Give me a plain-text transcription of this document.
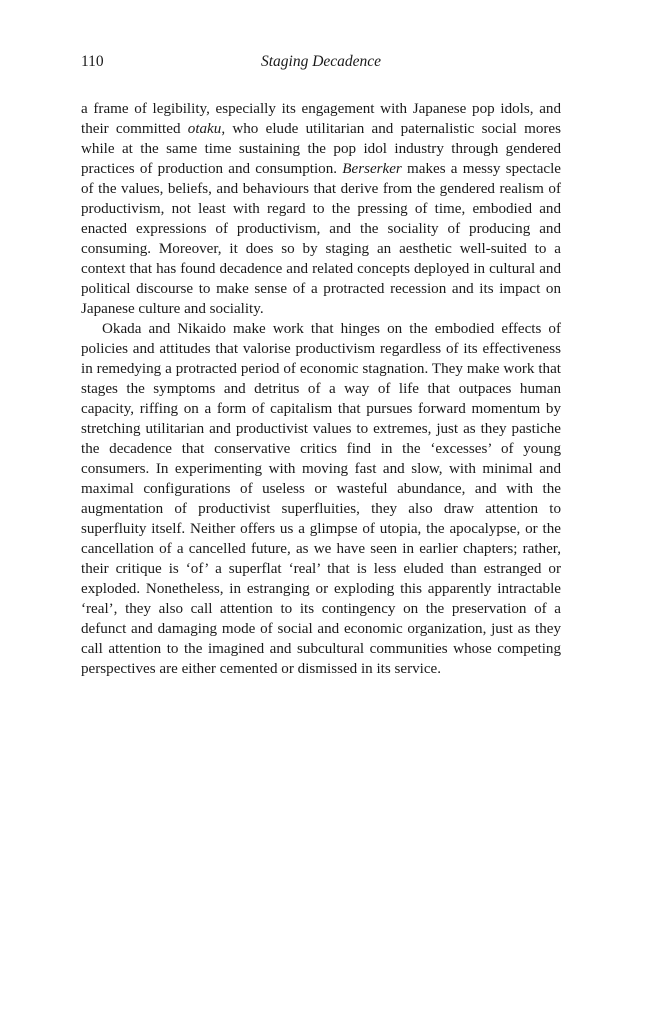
110	Staging Decadence

a frame of legibility, especially its engagement with Japanese pop idols, and their committed otaku, who elude utilitarian and paternalistic social mores while at the same time sustaining the pop idol industry through gendered practices of production and consumption. Berserker makes a messy spectacle of the values, beliefs, and behaviours that derive from the gendered realism of productivism, not least with regard to the pressing of time, embodied and enacted expressions of productivism, and the sociality of producing and consuming. Moreover, it does so by staging an aesthetic well-suited to a context that has found decadence and related concepts deployed in cultural and political discourse to make sense of a protracted recession and its impact on Japanese culture and sociality.

Okada and Nikaido make work that hinges on the embodied effects of policies and attitudes that valorise productivism regardless of its effectiveness in remedying a protracted period of economic stagnation. They make work that stages the symptoms and detritus of a way of life that outpaces human capacity, riffing on a form of capitalism that pursues forward momentum by stretching utilitarian and productivist values to extremes, just as they pastiche the decadence that conservative critics find in the ‘excesses’ of young consumers. In experimenting with moving fast and slow, with minimal and maximal configurations of useless or wasteful abundance, and with the augmentation of productivist superfluities, they also draw attention to superfluity itself. Neither offers us a glimpse of utopia, the apocalypse, or the cancellation of a cancelled future, as we have seen in earlier chapters; rather, their critique is ‘of’ a superflat ‘real’ that is less eluded than estranged or exploded. Nonetheless, in estranging or exploding this apparently intractable ‘real’, they also call attention to its contingency on the preservation of a defunct and damaging mode of social and economic organization, just as they call attention to the imagined and subcultural communities whose competing perspectives are either cemented or dismissed in its service.
